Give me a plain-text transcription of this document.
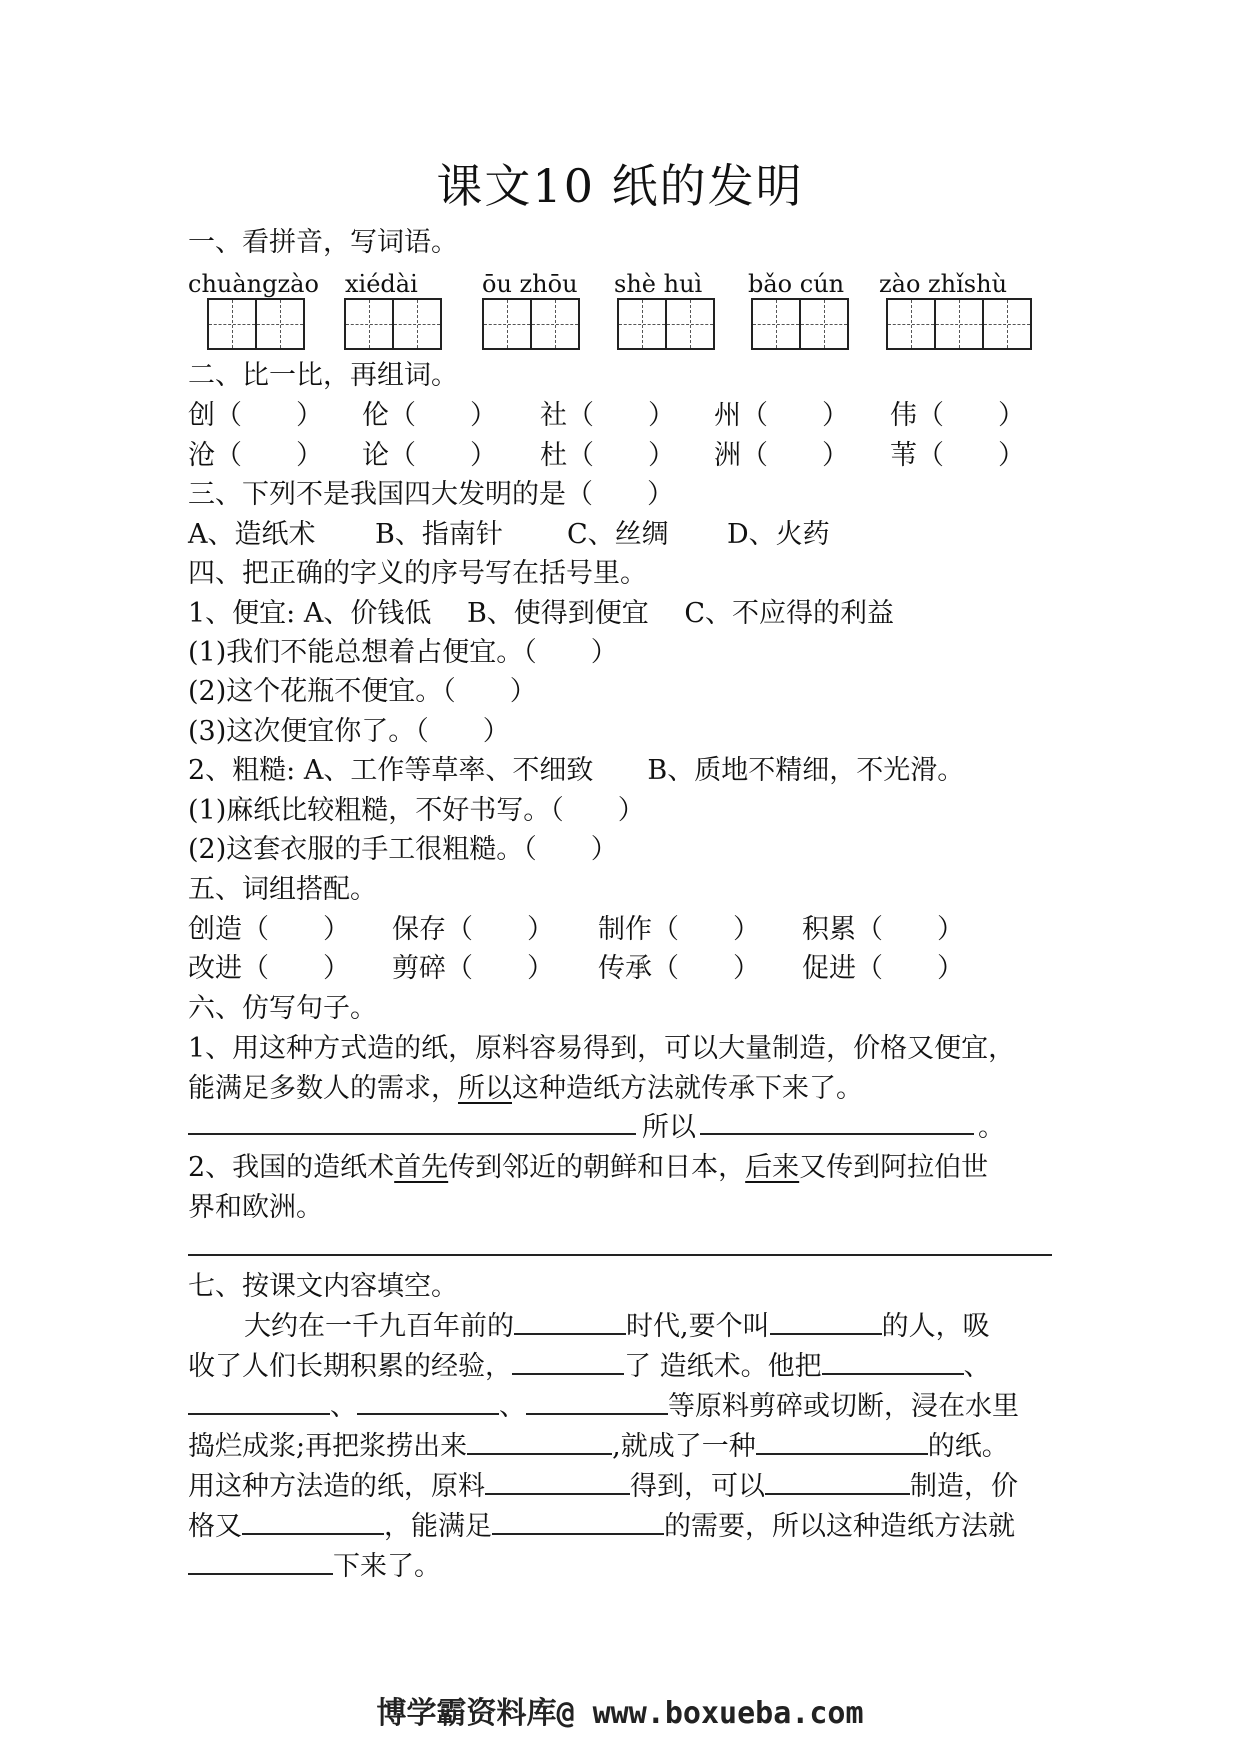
课文10 纸的发明
一、看拼音，写词语。
chuàngzào xiédài	ōu zhōu shè huì bǎo cún zào zhǐshù
二、比一比，再组词。
创（　　） 伦（　　） 社（　　） 州（　　） 伟（　　）
沧（　　） 论（　　） 杜（　　） 洲（　　） 苇（　　）
三、下列不是我国四大发明的是（　　）
A、造纸术 B、指南针 C、丝绸 D、火药
四、把正确的字义的序号写在括号里。
1、便宜: A、价钱低　 B、使得到便宜　 C、不应得的利益
(1)我们不能总想着占便宜。（　　）
(2)这个花瓶不便宜。（　　）
(3)这次便宜你了。（　　）
2、粗糙: A、工作等草率、不细致　　B、质地不精细，不光滑。
(1)麻纸比较粗糙，不好书写。（　　）
(2)这套衣服的手工很粗糙。（　　）
五、词组搭配。
创造（　　） 保存（　　） 制作（　　） 积累（　　）
改进（　　） 剪碎（　　） 传承（　　） 促进（　　）
六、仿写句子。
1、用这种方式造的纸，原料容易得到，可以大量制造，价格又便宜，
能满足多数人的需求，所以这种造纸方法就传承下来了。
所以	。
2、我国的造纸术首先传到邻近的朝鲜和日本，后来又传到阿拉伯世
界和欧洲。
七、按课文内容填空。
大约在一千九百年前的	时代,要个叫	的人，吸
收了人们长期积累的经验，	了 造纸术。他把	、
、	、	等原料剪碎或切断，浸在水里
捣烂成浆;再把浆捞出来	,就成了一种	的纸。
用这种方法造的纸，原料	得到，可以	制造，价
格又	，能满足	的需要，所以这种造纸方法就
下来了。
博学霸资料库@ www.boxueba.com
